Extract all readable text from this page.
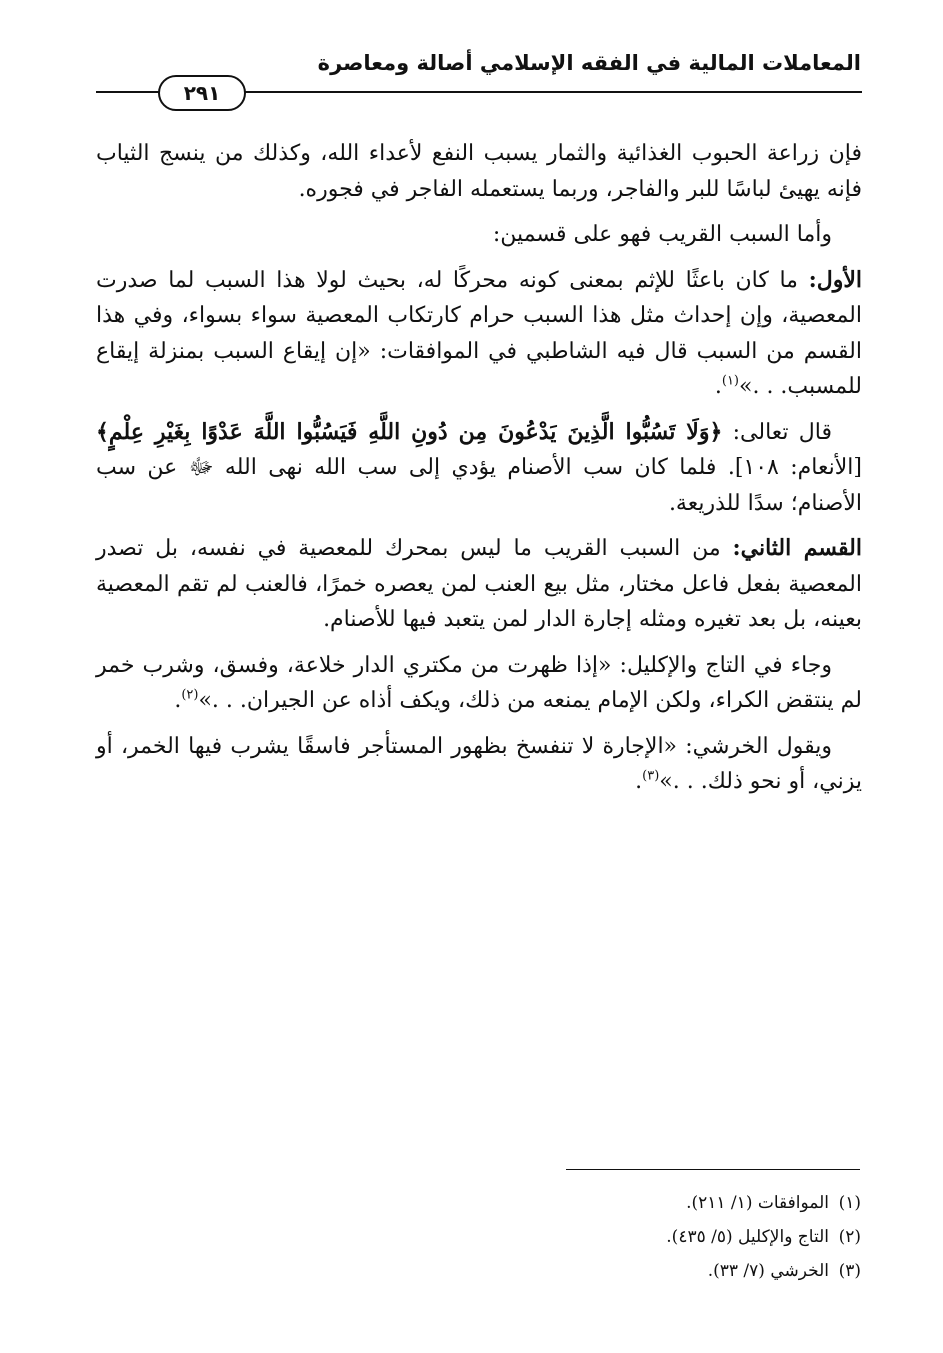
المعاملات المالية في الفقه الإسلامي أصالة ومعاصرة
٢٩١

فإن زراعة الحبوب الغذائية والثمار يسبب النفع لأعداء الله، وكذلك من ينسج الثياب فإنه يهيئ لباسًا للبر والفاجر، وربما يستعمله الفاجر في فجوره.

وأما السبب القريب فهو على قسمين:

الأول: ما كان باعثًا للإثم بمعنى كونه محركًا له، بحيث لولا هذا السبب لما صدرت المعصية، وإن إحداث مثل هذا السبب حرام كارتكاب المعصية سواء بسواء، وفي هذا القسم من السبب قال فيه الشاطبي في الموافقات: «إن إيقاع السبب بمنزلة إيقاع للمسبب. . .»$^{(١)}$.

قال تعالى: ﴿وَلَا تَسُبُّوا الَّذِينَ يَدْعُونَ مِن دُونِ اللَّهِ فَيَسُبُّوا اللَّهَ عَدْوًا بِغَيْرِ عِلْمٍ﴾ [الأنعام: ١٠٨]. فلما كان سب الأصنام يؤدي إلى سب الله نهى الله ﷻ عن سب الأصنام؛ سدًا للذريعة.

القسم الثاني: من السبب القريب ما ليس بمحرك للمعصية في نفسه، بل تصدر المعصية بفعل فاعل مختار، مثل بيع العنب لمن يعصره خمرًا، فالعنب لم تقم المعصية بعينه، بل بعد تغيره ومثله إجارة الدار لمن يتعبد فيها للأصنام.

وجاء في التاج والإكليل: «إذا ظهرت من مكتري الدار خلاعة، وفسق، وشرب خمر لم ينتقض الكراء، ولكن الإمام يمنعه من ذلك، ويكف أذاه عن الجيران. . .»$^{(٢)}$.

ويقول الخرشي: «الإجارة لا تنفسخ بظهور المستأجر فاسقًا يشرب فيها الخمر، أو يزني، أو نحو ذلك. . .»$^{(٣)}$.

(١)الموافقات (١/ ٢١١).

(٢)التاج والإكليل (٥/ ٤٣٥).

(٣)الخرشي (٧/ ٣٣).
